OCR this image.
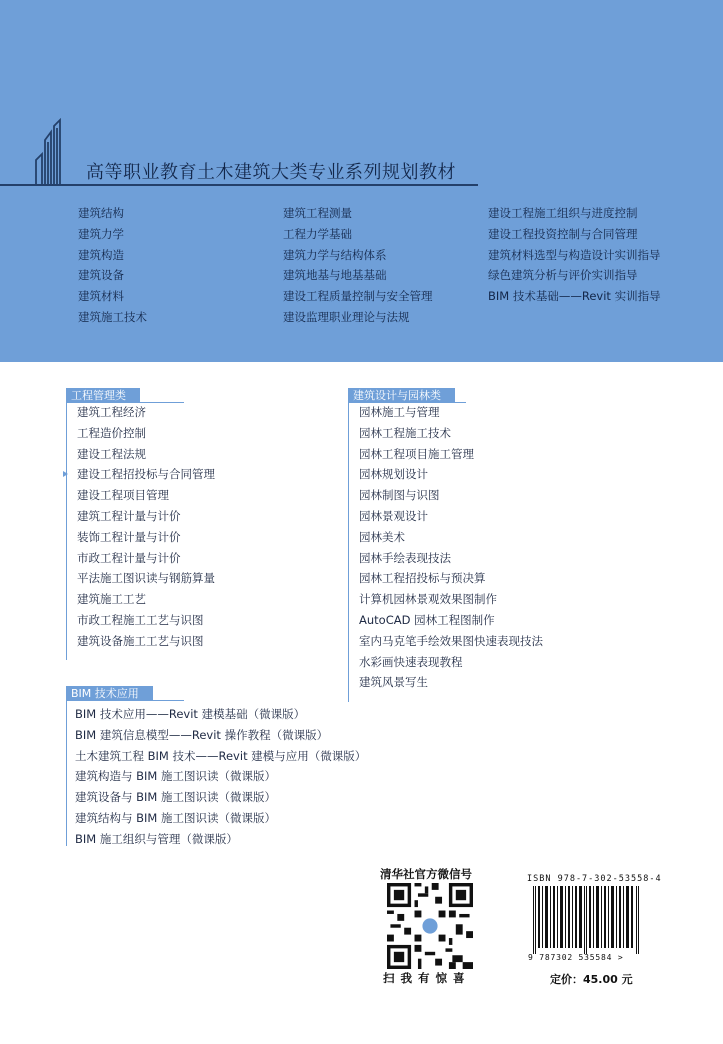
高等职业教育土木建筑大类专业系列规划教材
建筑结构
建筑力学
建筑构造
建筑设备
建筑材料
建筑施工技术
建筑工程测量
工程力学基础
建筑力学与结构体系
建筑地基与地基基础
建设工程质量控制与安全管理
建设监理职业理论与法规
建设工程施工组织与进度控制
建设工程投资控制与合同管理
建筑材料选型与构造设计实训指导
绿色建筑分析与评价实训指导
BIM 技术基础——Revit 实训指导
工程管理类
建筑工程经济
工程造价控制
建设工程法规
建设工程招投标与合同管理
建设工程项目管理
建筑工程计量与计价
装饰工程计量与计价
市政工程计量与计价
平法施工图识读与钢筋算量
建筑施工工艺
市政工程施工工艺与识图
建筑设备施工工艺与识图
建筑设计与园林类
园林施工与管理
园林工程施工技术
园林工程项目施工管理
园林规划设计
园林制图与识图
园林景观设计
园林美术
园林手绘表现技法
园林工程招投标与预决算
计算机园林景观效果图制作
AutoCAD 园林工程图制作
室内马克笔手绘效果图快速表现技法
水彩画快速表现教程
建筑风景写生
BIM 技术应用
BIM 技术应用——Revit 建模基础（微课版）
BIM 建筑信息模型——Revit 操作教程（微课版）
土木建筑工程 BIM 技术——Revit 建模与应用（微课版）
建筑构造与 BIM 施工图识读（微课版）
建筑设备与 BIM 施工图识读（微课版）
建筑结构与 BIM 施工图识读（微课版）
BIM 施工组织与管理（微课版）
清华社官方微信号
扫我有惊喜
ISBN 978-7-302-53558-4
9 787302 535584 >
定价：45.00 元
